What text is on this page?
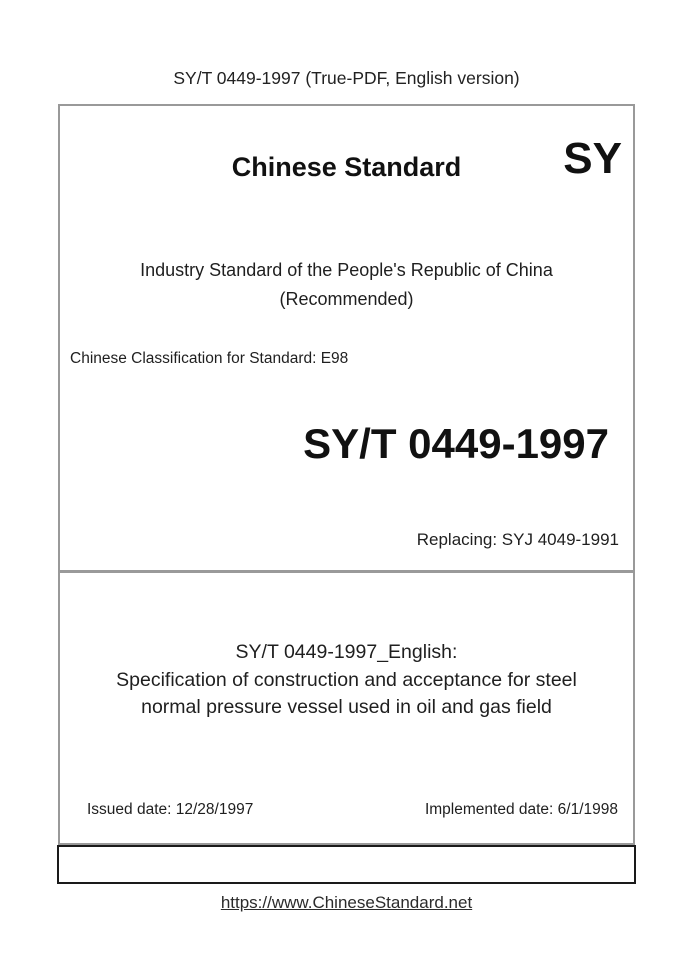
SY/T 0449-1997 (True-PDF, English version)
Chinese Standard	SY
Industry Standard of the People's Republic of China
(Recommended)
Chinese Classification for Standard: E98
SY/T 0449-1997
Replacing: SYJ 4049-1991
SY/T 0449-1997_English:
Specification of construction and acceptance for steel
normal pressure vessel used in oil and gas field
Issued date: 12/28/1997	Implemented date: 6/1/1998
https://www.ChineseStandard.net
